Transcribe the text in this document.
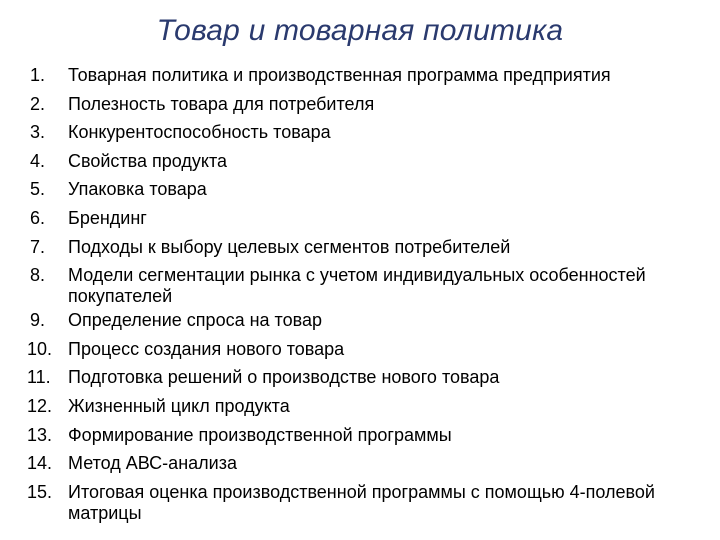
Товар и товарная политика
1.	Товарная политика и производственная программа предприятия
2.	Полезность товара для потребителя
3.	Конкурентоспособность товара
4.	Свойства продукта
5.	Упаковка товара
6.	Брендинг
7.	Подходы к выбору целевых сегментов потребителей
8.	Модели сегментации рынка с учетом индивидуальных особенностей покупателей
9.	Определение спроса на товар
10. Процесс создания нового товара
11. Подготовка решений о производстве нового товара
12. Жизненный цикл продукта
13. Формирование производственной программы
14. Метод АВС-анализа
15. Итоговая оценка производственной программы с помощью 4-полевой матрицы
